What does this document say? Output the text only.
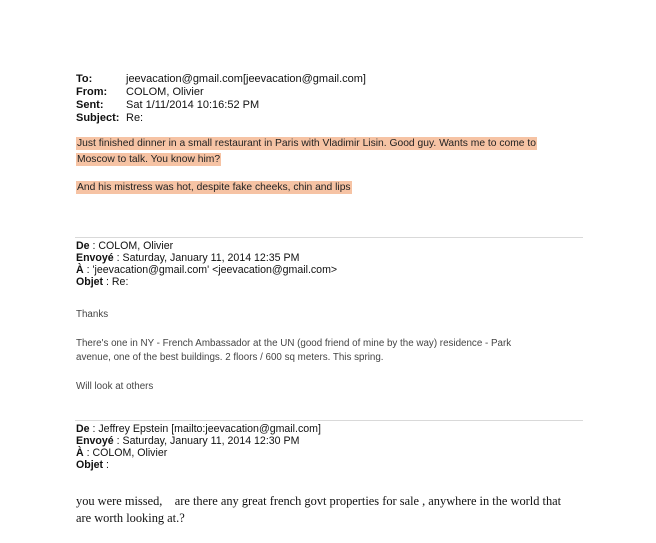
To:	jeevacation@gmail.com[jeevacation@gmail.com]
From: COLOM, Olivier
Sent: Sat 1/11/2014 10:16:52 PM
Subject: Re:
Just finished dinner in a small restaurant in Paris with Vladimir Lisin. Good guy. Wants me to come to
Moscow to talk. You know him?
And his mistress was hot, despite fake cheeks, chin and lips
De : COLOM, Olivier
Envoyé : Saturday, January 11, 2014 12:35 PM
À : 'jeevacation@gmail.com' <jeevacation@gmail.com>
Objet : Re:
Thanks
There's one in NY - French Ambassador at the UN (good friend of mine by the way) residence - Park
avenue, one of the best buildings. 2 floors / 600 sq meters. This spring.
Will look at others
De : Jeffrey Epstein [mailto:jeevacation@gmail.com]
Envoyé : Saturday, January 11, 2014 12:30 PM
À : COLOM, Olivier
Objet :
you were missed,    are there any great french govt properties for sale , anywhere in the world that
are worth looking at.?
